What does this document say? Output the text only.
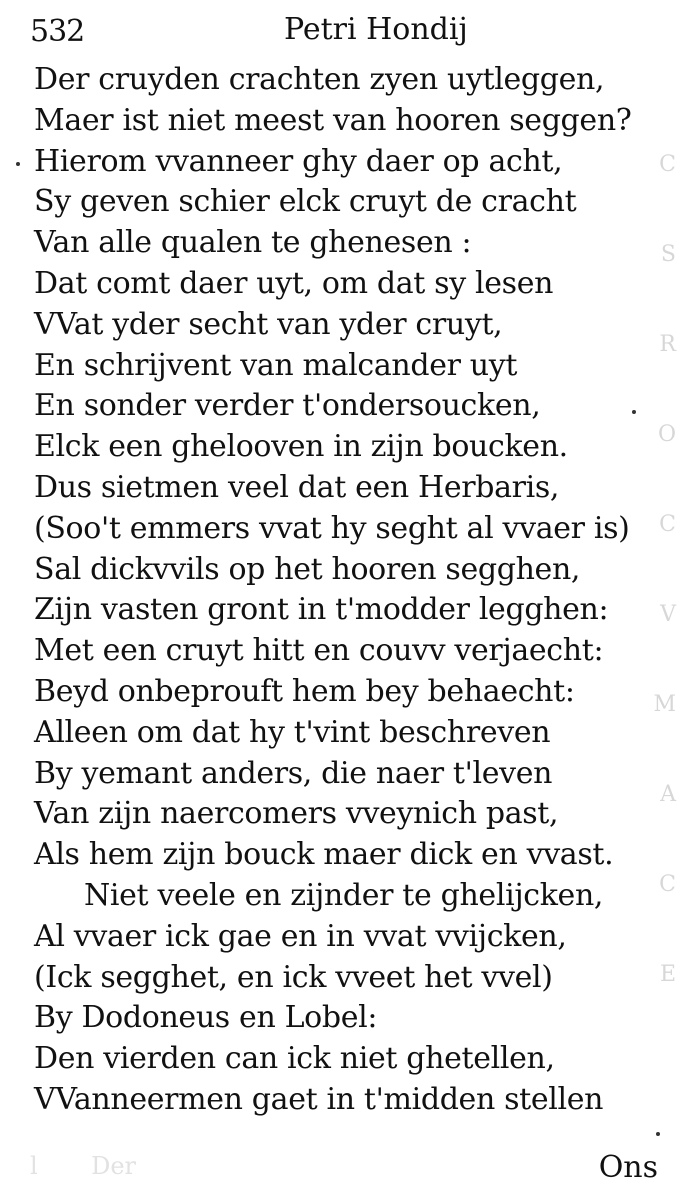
C
S
R
O
C
V
M
A
C
E
532	Petri Hondij
Der cruyden crachten zyen uytleggen,
Maer ist niet meest van hooren seggen?
Hierom vvanneer ghy daer op acht,
Sy geven schier elck cruyt de cracht
Van alle qualen te ghenesen :
Dat comt daer uyt, om dat sy lesen
VVat yder secht van yder cruyt,
En schrijvent van malcander uyt
En sonder verder t'ondersoucken,
Elck een ghelooven in zijn boucken.
Dus sietmen veel dat een Herbaris,
(Soo't emmers vvat hy seght al vvaer is)
Sal dickvvils op het hooren segghen,
Zijn vasten gront in t'modder legghen:
Met een cruyt hitt en couvv verjaecht:
Beyd onbeprouft hem bey behaecht:
Alleen om dat hy t'vint beschreven
By yemant anders, die naer t'leven
Van zijn naercomers vveynich past,
Als hem zijn bouck maer dick en vvast.
Niet veele en zijnder te ghelijcken,
Al vvaer ick gae en in vvat vvijcken,
(Ick segghet, en ick vveet het vvel)
By Dodoneus en Lobel:
Den vierden can ick niet ghetellen,
VVanneermen gaet in t'midden stellen
l       Der	Ons
